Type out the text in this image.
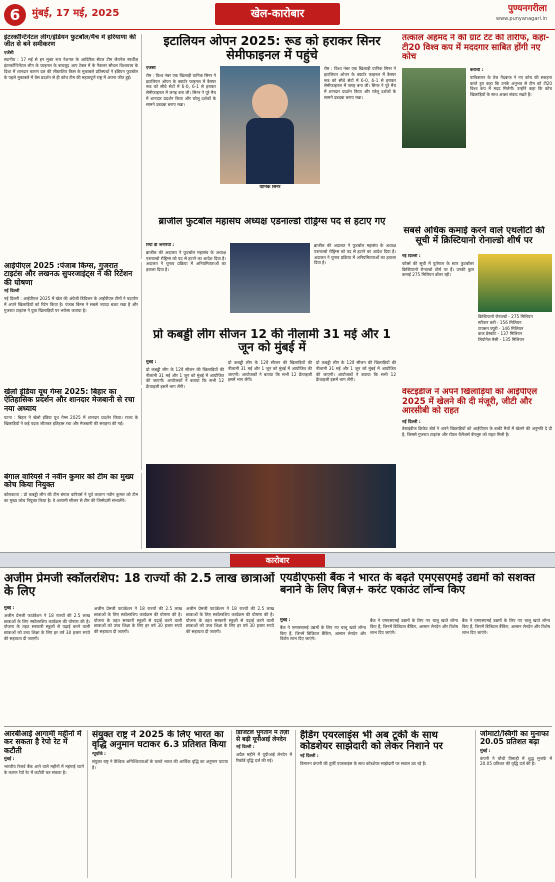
6	मुंबई, 17 मई, 2025	खेल-कारोबार	पुण्यनगरीला
www.punyanagari.in
इंटरकॉन्टिनेंटल लीग/इंडियन फुटबॉल/मैच में हरियाणा की जीत से बने समीकरण
एजेंसी
स्थानीय : 17 मई से इन मुक्त रूप नेशनल के आदिरिक सेंटल टीम जैवनेज स्पर्धीज़ इंटरकॉन्टिनेंटल लीग के फाइनल के बावजूद आए टेबल में के नैकलर सौधल विश्ववत्त्व के दिशा में शानदार कारण दल की लीडरशिप किस के मुकाबले प्रतिस्पर्धा ने इंडियन फुटबॉल के पहले मुकाबले में ग्रेस प्रदर्शन से ही कोच टीम की महत्वपूर्ण राष्ट्र में अपना जीत हुई।
आईपीएल 2025 :पंजाब किंग्स, गुजरात टाइटंस और लखनऊ सुपरजाइंट्स ने की रिटेंशन की घोषणा
नई दिल्ली
नई दिल्ली : आईपीएल 2025 में खेल की अंग्रेजी डिविजन के आईपीएल टीमों ने पदार्पण में अपने खिलाड़ियों को रिटेन किया है। पंजाब किंग्स ने सबसे ज्यादा बजट रखा है और गुजरात टाइटंस ने युवा खिलाड़ियों पर भरोसा जताया है।
खेलो इंडिया यूथ गेम्स 2025: बिहार का ऐतिहासिक प्रदर्शन और शानदार मेजबानी से रचा नया अध्याय
पटना : बिहार ने खेलो इंडिया यूथ गेम्स 2025 में शानदार प्रदर्शन किया। राज्य के खिलाड़ियों ने कई पदक जीतकर इतिहास रचा और मेजबानी की सराहना की गई।
बंगाल वारियर्स ने नवीन कुमार को टीम का मुख्य कोच किया नियुक्त
कोलकाता : प्रो कबड्डी लीग की टीम बंगाल वारियर्स ने पूर्व कप्तान नवीन कुमार को टीम का मुख्य कोच नियुक्त किया है। वे आगामी सीजन से टीम की जिम्मेदारी संभालेंगे।
इटालियन ओपन 2025: रूड को हराकर सिनर सेमीफाइनल में पहुंचे
एजेंसी
रोम : विश्व नंबर एक खिलाड़ी यानिक सिनर ने इटालियन ओपन के क्वार्टर फाइनल में कैस्पर रूड को सीधे सेटों में 6-0, 6-1 से हराकर सेमीफाइनल में जगह बना ली। सिनर ने पूरे मैच में शानदार प्रदर्शन किया और घरेलू दर्शकों के सामने दबदबा बनाए रखा।
यानिक सिनर
रोम : विश्व नंबर एक खिलाड़ी यानिक सिनर ने इटालियन ओपन के क्वार्टर फाइनल में कैस्पर रूड को सीधे सेटों में 6-0, 6-1 से हराकर सेमीफाइनल में जगह बना ली। सिनर ने पूरे मैच में शानदार प्रदर्शन किया और घरेलू दर्शकों के सामने दबदबा बनाए रखा।
ब्राजील फुटबॉल महासंघ अध्यक्ष एडनाल्डो रोड्रिग्स पद से हटाए गए
रियो डी जनेरियो :
ब्राजील की अदालत ने फुटबॉल महासंघ के अध्यक्ष एडनाल्डो रोड्रिग्स को पद से हटाने का आदेश दिया है। अदालत ने चुनाव प्रक्रिया में अनियमितताओं का हवाला दिया है।
ब्राजील की अदालत ने फुटबॉल महासंघ के अध्यक्ष एडनाल्डो रोड्रिग्स को पद से हटाने का आदेश दिया है। अदालत ने चुनाव प्रक्रिया में अनियमितताओं का हवाला दिया है।
तत्काल अहमद ने की ग्रांट टेट की तारीफ, कहा- टी20 विश्व कप में मददगार साबित होंगी नए कोच
कराची :
पाकिस्तान के तेज गेंदबाज ने नए कोच की सराहना करते हुए कहा कि उनके अनुभव से टीम को टी20 विश्व कप में मदद मिलेगी। उन्होंने कहा कि कोच खिलाड़ियों के साथ अच्छा संवाद रखते हैं।
सबसे अधिक कमाई करने वाले एथलीटों की सूची में क्रिस्टियानो रोनाल्डो शीर्ष पर
नई दिल्ली :
फोर्ब्स की सूची में पुर्तगाल के स्टार फुटबॉलर क्रिस्टियानो रोनाल्डो शीर्ष पर हैं। उनकी कुल कमाई 275 मिलियन डॉलर रही।
क्रिस्टियानो रोनाल्डो - 275 मिलियन
स्टीफन करी - 156 मिलियन
टायसन फ्यूरी - 146 मिलियन
डाक प्रेस्कॉट - 137 मिलियन
लियोनेल मेसी - 135 मिलियन
प्रो कबड्डी लीग सीजन 12 की नीलामी 31 मई और 1 जून को मुंबई में
मुंबई :
प्रो कबड्डी लीग के 12वें सीजन की खिलाड़ियों की नीलामी 31 मई और 1 जून को मुंबई में आयोजित की जाएगी। आयोजकों ने बताया कि सभी 12 फ्रेंचाइजी इसमें भाग लेंगी।
प्रो कबड्डी लीग के 12वें सीजन की खिलाड़ियों की नीलामी 31 मई और 1 जून को मुंबई में आयोजित की जाएगी। आयोजकों ने बताया कि सभी 12 फ्रेंचाइजी इसमें भाग लेंगी।
प्रो कबड्डी लीग के 12वें सीजन की खिलाड़ियों की नीलामी 31 मई और 1 जून को मुंबई में आयोजित की जाएगी। आयोजकों ने बताया कि सभी 12 फ्रेंचाइजी इसमें भाग लेंगी।
वेस्टइंडीज ने अपने खिलाड़ियों को आईपीएल 2025 में खेलने की दी मंजूरी, जीटी और आरसीबी को राहत
नई दिल्ली :
वेस्टइंडीज क्रिकेट बोर्ड ने अपने खिलाड़ियों को आईपीएल के बाकी मैचों में खेलने की अनुमति दे दी है, जिससे गुजरात टाइटंस और रॉयल चैलेंजर्स बेंगलुरु को राहत मिली है।
कारोबार
अजीम प्रेमजी स्कॉलरशिप: 18 राज्यों की 2.5 लाख छात्राओं के लिए
मुंबई :
अजीम प्रेमजी फाउंडेशन ने 18 राज्यों की 2.5 लाख छात्राओं के लिए स्कॉलरशिप कार्यक्रम की घोषणा की है। योजना के तहत सरकारी स्कूलों से पढ़ाई करने वाली छात्राओं को उच्च शिक्षा के लिए हर वर्ष 30 हजार रुपये की सहायता दी जाएगी।
अजीम प्रेमजी फाउंडेशन ने 18 राज्यों की 2.5 लाख छात्राओं के लिए स्कॉलरशिप कार्यक्रम की घोषणा की है। योजना के तहत सरकारी स्कूलों से पढ़ाई करने वाली छात्राओं को उच्च शिक्षा के लिए हर वर्ष 30 हजार रुपये की सहायता दी जाएगी।
अजीम प्रेमजी फाउंडेशन ने 18 राज्यों की 2.5 लाख छात्राओं के लिए स्कॉलरशिप कार्यक्रम की घोषणा की है। योजना के तहत सरकारी स्कूलों से पढ़ाई करने वाली छात्राओं को उच्च शिक्षा के लिए हर वर्ष 30 हजार रुपये की सहायता दी जाएगी।
एयडीएफसी बैंक ने भारत के बढ़ते एमएसएमई उद्यमों को सशक्त बनाने के लिए बिज़+ करंट एकाउंट लॉन्च किए
मुंबई :
बैंक ने एमएसएमई उद्यमों के लिए नए चालू खाते लॉन्च किए हैं, जिनमें डिजिटल बैंकिंग, आसान लेनदेन और विशेष लाभ दिए जाएंगे।
बैंक ने एमएसएमई उद्यमों के लिए नए चालू खाते लॉन्च किए हैं, जिनमें डिजिटल बैंकिंग, आसान लेनदेन और विशेष लाभ दिए जाएंगे।
बैंक ने एमएसएमई उद्यमों के लिए नए चालू खाते लॉन्च किए हैं, जिनमें डिजिटल बैंकिंग, आसान लेनदेन और विशेष लाभ दिए जाएंगे।
आरबीआई आगामी महीनों में कर सकता है रेपो रेट में कटौती
मुंबई :
भारतीय रिजर्व बैंक आने वाले महीनों में महंगाई घटने के कारण रेपो रेट में कटौती कर सकता है।
संयुक्त राष्ट्र ने 2025 के लिए भारत का वृद्धि अनुमान घटाकर 6.3 प्रतिशत किया
न्यूयॉर्क :
संयुक्त राष्ट्र ने वैश्विक अनिश्चितताओं के चलते भारत की आर्थिक वृद्धि का अनुमान घटाया है।
डिजिटल भुगतान में तेज़ी से बढ़ी यूपीआई लेनदेन
नई दिल्ली :
अप्रैल महीने में यूपीआई लेनदेन में रिकॉर्ड वृद्धि दर्ज की गई।
हैडिंग एयरलाइंस भी अब टूर्की के साथ कोडशेयर साझेदारी को लेकर निशाने पर
नई दिल्ली :
विमानन कंपनी की तुर्की एयरलाइंस के साथ कोडशेयर साझेदारी पर सवाल उठ रहे हैं।
जोमाटो/स्विगी का मुनाफा 20.05 प्रतिशत बढ़ा
मुंबई :
कंपनी ने चौथी तिमाही में शुद्ध मुनाफे में 20.05 प्रतिशत की वृद्धि दर्ज की है।
